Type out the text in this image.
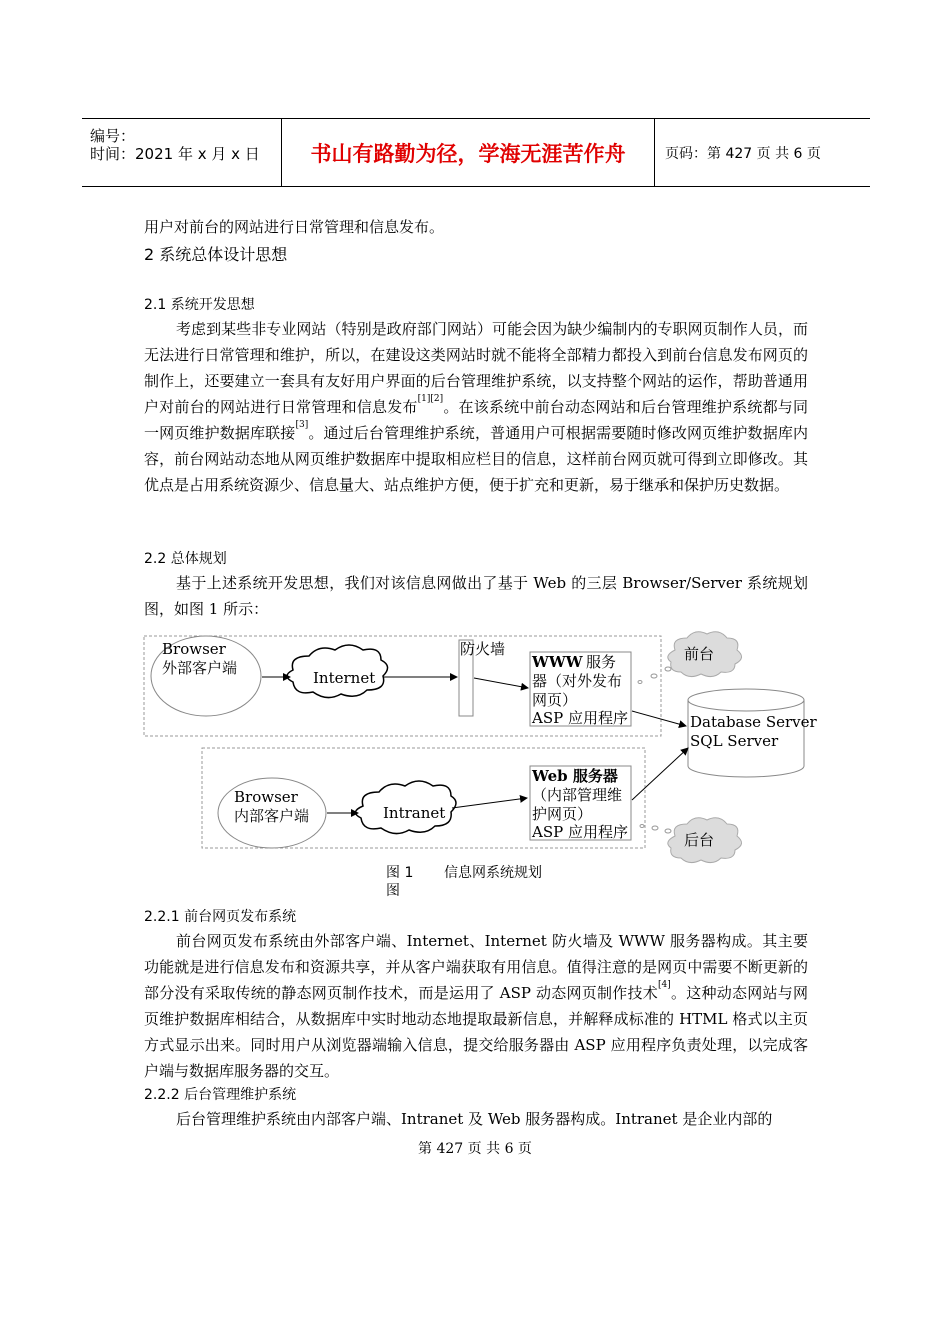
编号：
时间：2021 年 x 月 x 日	书山有路勤为径，学海无涯苦作舟	页码：第 427 页 共 6 页
用户对前台的网站进行日常管理和信息发布。
2 系统总体设计思想
2.1 系统开发思想
考虑到某些非专业网站（特别是政府部门网站）可能会因为缺少编制内的专职网页制作人员，而无法进行日常管理和维护，所以，在建设这类网站时就不能将全部精力都投入到前台信息发布网页的制作上，还要建立一套具有友好用户界面的后台管理维护系统，以支持整个网站的运作，帮助普通用户对前台的网站进行日常管理和信息发布[1][2]。在该系统中前台动态网站和后台管理维护系统都与同一网页维护数据库联接[3]。通过后台管理维护系统，普通用户可根据需要随时修改网页维护数据库内容，前台网站动态地从网页维护数据库中提取相应栏目的信息，这样前台网页就可得到立即修改。其优点是占用系统资源少、信息量大、站点维护方便，便于扩充和更新，易于继承和保护历史数据。
2.2 总体规划
基于上述系统开发思想，我们对该信息网做出了基于 Web 的三层 Browser/Server 系统规划图，如图 1 所示：
Browser
外部客户端
Internet
防火墙
WWW 服务
器（对外发布
网页）
ASP 应用程序
前台
Database Server
SQL Server
Browser
内部客户端	Intranet
Web 服务器
（内部管理维
护网页）
ASP 应用程序	后台
图 1 信息网系统规划
图
2.2.1 前台网页发布系统
前台网页发布系统由外部客户端、Internet、Internet 防火墙及 WWW 服务器构成。其主要功能就是进行信息发布和资源共享，并从客户端获取有用信息。值得注意的是网页中需要不断更新的部分没有采取传统的静态网页制作技术，而是运用了 ASP 动态网页制作技术[4]。这种动态网站与网页维护数据库相结合，从数据库中实时地动态地提取最新信息，并解释成标准的 HTML 格式以主页方式显示出来。同时用户从浏览器端输入信息，提交给服务器由 ASP 应用程序负责处理，以完成客户端与数据库服务器的交互。
2.2.2 后台管理维护系统
后台管理维护系统由内部客户端、Intranet 及 Web 服务器构成。Intranet 是企业内部的
第 427 页 共 6 页
